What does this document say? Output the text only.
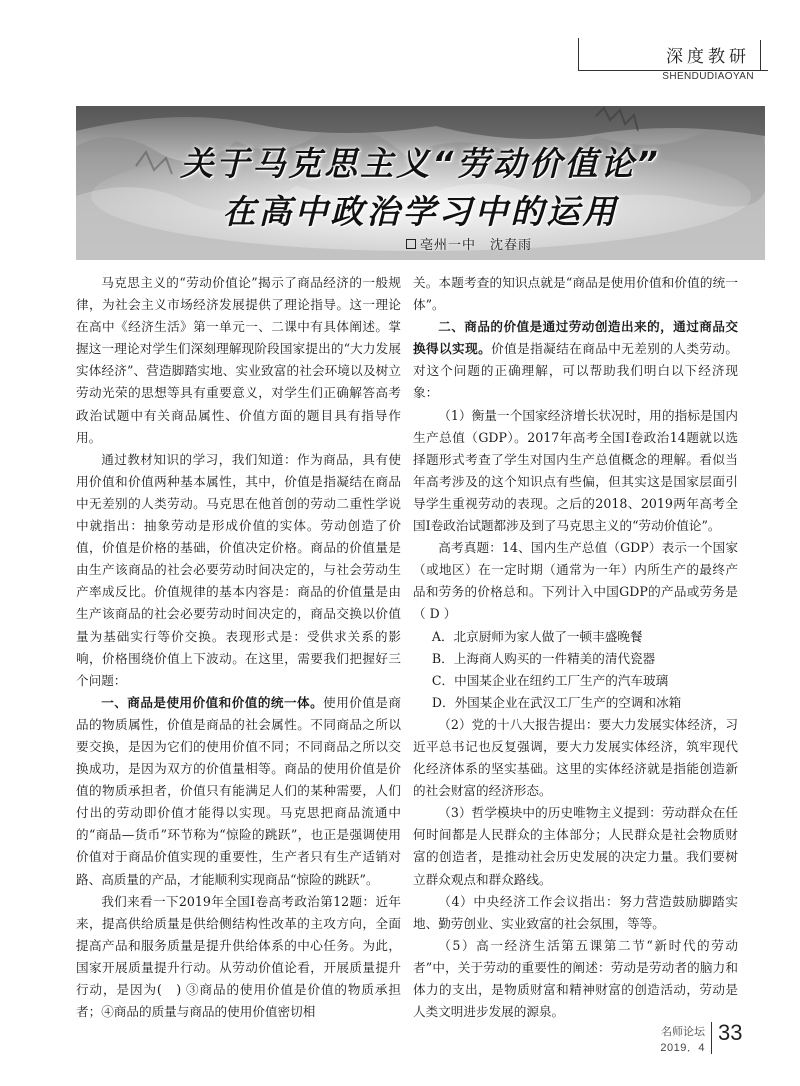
深度教研
SHENDUDIAOYAN
关于马克思主义“劳动价值论”
在高中政治学习中的运用
亳州一中　沈春雨

马克思主义的“劳动价值论”揭示了商品经济的一般规律，为社会主义市场经济发展提供了理论指导。这一理论在高中《经济生活》第一单元一、二课中有具体阐述。掌握这一理论对学生们深刻理解现阶段国家提出的“大力发展实体经济”、营造脚踏实地、实业致富的社会环境以及树立劳动光荣的思想等具有重要意义，对学生们正确解答高考政治试题中有关商品属性、价值方面的题目具有指导作用。

通过教材知识的学习，我们知道：作为商品，具有使用价值和价值两种基本属性，其中，价值是指凝结在商品中无差别的人类劳动。马克思在他首创的劳动二重性学说中就指出：抽象劳动是形成价值的实体。劳动创造了价值，价值是价格的基础，价值决定价格。商品的价值量是由生产该商品的社会必要劳动时间决定的，与社会劳动生产率成反比。价值规律的基本内容是：商品的价值量是由生产该商品的社会必要劳动时间决定的，商品交换以价值量为基础实行等价交换。表现形式是：受供求关系的影响，价格围绕价值上下波动。在这里，需要我们把握好三个问题：

一、商品是使用价值和价值的统一体。使用价值是商品的物质属性，价值是商品的社会属性。不同商品之所以要交换，是因为它们的使用价值不同；不同商品之所以交换成功，是因为双方的价值量相等。商品的使用价值是价值的物质承担者，价值只有能满足人们的某种需要，人们付出的劳动即价值才能得以实现。马克思把商品流通中的“商品—货币”环节称为“惊险的跳跃”，也正是强调使用价值对于商品价值实现的重要性，生产者只有生产适销对路、高质量的产品，才能顺利实现商品“惊险的跳跃”。

我们来看一下2019年全国Ⅰ卷高考政治第12题：近年来，提高供给质量是供给侧结构性改革的主攻方向，全面提高产品和服务质量是提升供给体系的中心任务。为此，国家开展质量提升行动。从劳动价值论看，开展质量提升行动，是因为(　) ③商品的使用价值是价值的物质承担者；④商品的质量与商品的使用价值密切相

关。本题考查的知识点就是“商品是使用价值和价值的统一体”。

二、商品的价值是通过劳动创造出来的，通过商品交换得以实现。价值是指凝结在商品中无差别的人类劳动。对这个问题的正确理解，可以帮助我们明白以下经济现象：

（1）衡量一个国家经济增长状况时，用的指标是国内生产总值（GDP）。2017年高考全国Ⅰ卷政治14题就以选择题形式考查了学生对国内生产总值概念的理解。看似当年高考涉及的这个知识点有些偏，但其实这是国家层面引导学生重视劳动的表现。之后的2018、2019两年高考全国Ⅰ卷政治试题都涉及到了马克思主义的“劳动价值论”。

高考真题：14、国内生产总值（GDP）表示一个国家（或地区）在一定时期（通常为一年）内所生产的最终产品和劳务的价格总和。下列计入中国GDP的产品或劳务是（ D ）

A．北京厨师为家人做了一顿丰盛晚餐

B．上海商人购买的一件精美的清代瓷器

C．中国某企业在纽约工厂生产的汽车玻璃

D．外国某企业在武汉工厂生产的空调和冰箱

（2）党的十八大报告提出：要大力发展实体经济，习近平总书记也反复强调，要大力发展实体经济，筑牢现代化经济体系的坚实基础。这里的实体经济就是指能创造新的社会财富的经济形态。

（3）哲学模块中的历史唯物主义提到：劳动群众在任何时间都是人民群众的主体部分；人民群众是社会物质财富的创造者，是推动社会历史发展的决定力量。我们要树立群众观点和群众路线。

（4）中央经济工作会议指出：努力营造鼓励脚踏实地、勤劳创业、实业致富的社会氛围，等等。

（5）高一经济生活第五课第二节“新时代的劳动者”中，关于劳动的重要性的阐述：劳动是劳动者的脑力和体力的支出，是物质财富和精神财富的创造活动，劳动是人类文明进步发展的源泉。

名师论坛
2019．4
33
